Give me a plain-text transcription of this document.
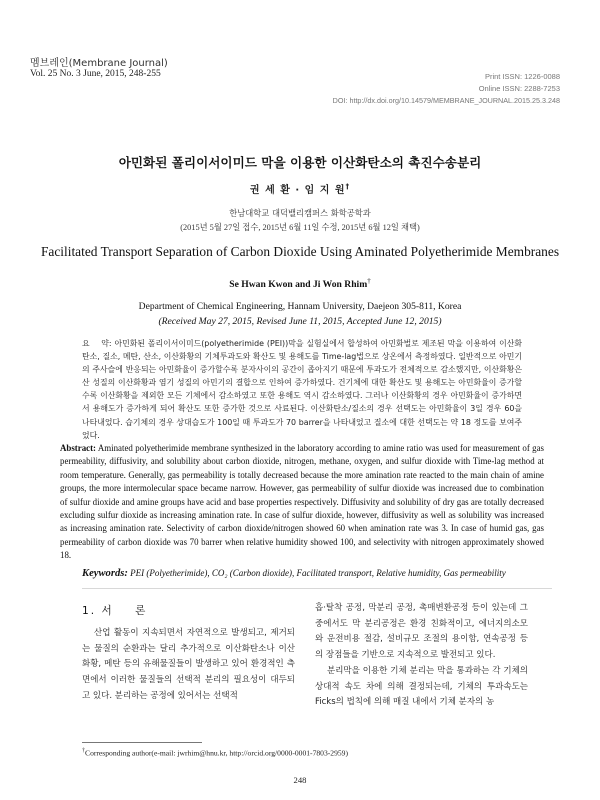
멤브레인(Membrane Journal)
Vol. 25 No. 3 June, 2015, 248-255	Print ISSN: 1226-0088
Online ISSN: 2288-7253
DOI: http://dx.doi.org/10.14579/MEMBRANE_JOURNAL.2015.25.3.248
아민화된 폴리이서이미드 막을 이용한 이산화탄소의 촉진수송분리
권 세 환 · 임 지 원†
한남대학교 대덕밸리캠퍼스 화학공학과
(2015년 5월 27일 접수, 2015년 6월 11일 수정, 2015년 6월 12일 채택)
Facilitated Transport Separation of Carbon Dioxide Using Aminated Polyetherimide Membranes
Se Hwan Kwon and Ji Won Rhim†
Department of Chemical Engineering, Hannam University, Daejeon 305-811, Korea
(Received May 27, 2015, Revised June 11, 2015, Accepted June 12, 2015)
요    약: 아민화된 폴리이서이미드(polyetherimide (PEI))막을 실험실에서 합성하여 아민화벌로 제조된 막을 이용하여 이산화탄소, 질소, 메탄, 산소, 이산화황의 기체투과도와 확산도 및 용해도를 Time-lag법으로 상온에서 측정하였다. 일반적으로 아민기의 주사슬에 반응되는 아민화율이 증가할수록 분자사이의 공간이 좁아지기 때문에 투과도가 전체적으로 감소했지만, 이산화황은 산 성질의 이산화황과 염기 성질의 아민기의 결합으로 인하여 증가하였다. 건기체에 대한 확산도 및 용해도는 아민화율이 증가할수록 이산화황을 제외한 모든 기체에서 감소하였고 또한 용해도 역시 감소하였다. 그러나 이산화황의 경우 아민화율이 증가하면서 용해도가 증가하게 되어 확산도 또한 증가한 것으로 사료된다. 이산화탄소/질소의 경우 선택도는 아민화율이 3일 경우 60을 나타내었다. 습기체의 경우 상대습도가 100일 때 투과도가 70 barrer을 나타내었고 질소에 대한 선택도는 약 18 정도를 보여주었다.
Abstract: Aminated polyetherimide membrane synthesized in the laboratory according to amine ratio was used for measurement of gas permeability, diffusivity, and solubility about carbon dioxide, nitrogen, methane, oxygen, and sulfur dioxide with Time-lag method at room temperature. Generally, gas permeability is totally decreased because the more amination rate reacted to the main chain of amine groups, the more intermolecular space became narrow. However, gas permeability of sulfur dioxide was increased due to combination of sulfur dioxide and amine groups have acid and base properties respectively. Diffusivity and solubility of dry gas are totally decreased excluding sulfur dioxide as increasing amination rate. In case of sulfur dioxide, however, diffusivity as well as solubility was increased as increasing amination rate. Selectivity of carbon dioxide/nitrogen showed 60 when amination rate was 3. In case of humid gas, gas permeability of carbon dioxide was 70 barrer when relative humidity showed 100, and selectivity with nitrogen approximately showed 18.
Keywords: PEI (Polyetherimide), CO₂ (Carbon dioxide), Facilitated transport, Relative humidity, Gas permeability
1. 서    론
산업 활동이 지속되면서 자연적으로 발생되고, 제거되는 물질의 순환과는 달리 추가적으로 이산화탄소나 이산화황, 메탄 등의 유해물질들이 발생하고 있어 환경적인 측면에서 이러한 물질들의 선택적 분리의 필요성이 대두되고 있다. 분리하는 공정에 있어서는 선택적

흡·탈착 공정, 막분리 공정, 촉매변환공정 등이 있는데 그중에서도 막 분리공정은 환경 친화적이고, 에너지의소모와 운전비용 절감, 설비규모 조절의 용이함, 연속공정 등의 장점들을 기반으로 지속적으로 발전되고 있다.

분리막을 이용한 기체 분리는 막을 통과하는 각 기체의 상대적 속도 차에 의해 결정되는데, 기체의 투과속도는 Ficks의 법칙에 의해 매질 내에서 기체 분자의 농

†Corresponding author(e-mail: jwrhim@hnu.kr, http://orcid.org/0000-0001-7803-2959)
248
